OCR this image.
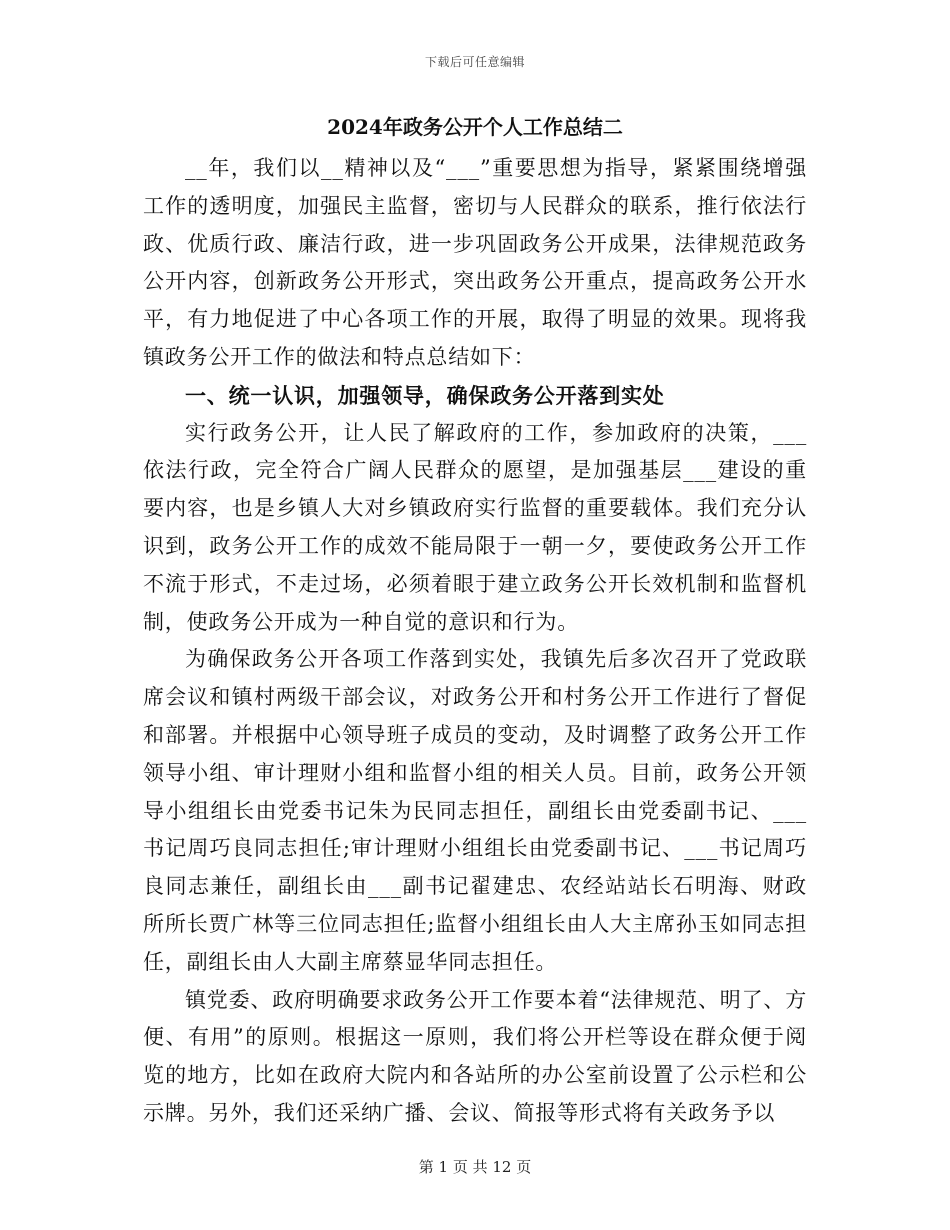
下载后可任意编辑
2024年政务公开个人工作总结二

__年，我们以__精神以及“___”重要思想为指导，紧紧围绕增强工作的透明度，加强民主监督，密切与人民群众的联系，推行依法行政、优质行政、廉洁行政，进一步巩固政务公开成果，法律规范政务公开内容，创新政务公开形式，突出政务公开重点，提高政务公开水平，有力地促进了中心各项工作的开展，取得了明显的效果。现将我镇政务公开工作的做法和特点总结如下：

一、统一认识，加强领导，确保政务公开落到实处

实行政务公开，让人民了解政府的工作，参加政府的决策，___依法行政，完全符合广阔人民群众的愿望，是加强基层___建设的重要内容，也是乡镇人大对乡镇政府实行监督的重要载体。我们充分认识到，政务公开工作的成效不能局限于一朝一夕，要使政务公开工作不流于形式，不走过场，必须着眼于建立政务公开长效机制和监督机制，使政务公开成为一种自觉的意识和行为。

为确保政务公开各项工作落到实处，我镇先后多次召开了党政联席会议和镇村两级干部会议，对政务公开和村务公开工作进行了督促和部署。并根据中心领导班子成员的变动，及时调整了政务公开工作领导小组、审计理财小组和监督小组的相关人员。目前，政务公开领导小组组长由党委书记朱为民同志担任，副组长由党委副书记、___书记周巧良同志担任;审计理财小组组长由党委副书记、___书记周巧良同志兼任，副组长由___副书记翟建忠、农经站站长石明海、财政所所长贾广林等三位同志担任;监督小组组长由人大主席孙玉如同志担任，副组长由人大副主席蔡显华同志担任。

镇党委、政府明确要求政务公开工作要本着“法律规范、明了、方便、有用”的原则。根据这一原则，我们将公开栏等设在群众便于阅览的地方，比如在政府大院内和各站所的办公室前设置了公示栏和公示牌。另外，我们还采纳广播、会议、简报等形式将有关政务予以

第 1 页 共 12 页
